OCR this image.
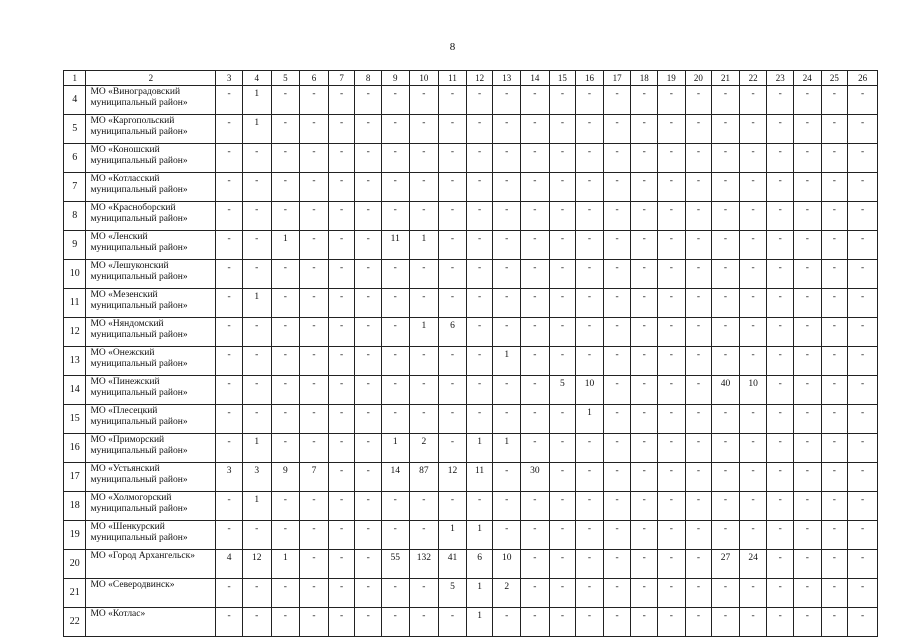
8
1	2	3	4	5	6	7	8	9	10	11	12	13	14	15	16	17	18	19	20	21	22	23	24	25	26
4	МО «Виноградовский муниципальный район»	-	1	-	-	-	-	-	-	-	-	-	-	-	-	-	-	-	-	-	-	-	-	-	-
5	МО «Каргопольский муниципальный район»	-	1	-	-	-	-	-	-	-	-	-	-	-	-	-	-	-	-	-	-	-	-	-	-
6	МО «Коношский муниципальный район»	-	-	-	-	-	-	-	-	-	-	-	-	-	-	-	-	-	-	-	-	-	-	-	-
7	МО «Котласский муниципальный район»	-	-	-	-	-	-	-	-	-	-	-	-	-	-	-	-	-	-	-	-	-	-	-	-
8	МО «Красноборский муниципальный район»	-	-	-	-	-	-	-	-	-	-	-	-	-	-	-	-	-	-	-	-	-	-	-	-
9	МО «Ленский муниципальный район»	-	-	1	-	-	-	11	1	-	-	-	-	-	-	-	-	-	-	-	-	-	-	-	-
10	МО «Лешуконский муниципальный район»	-	-	-	-	-	-	-	-	-	-	-	-	-	-	-	-	-	-	-	-	-	-	-	-
11	МО «Мезенский муниципальный район»	-	1	-	-	-	-	-	-	-	-	-	-	-	-	-	-	-	-	-	-	-	-	-	-
12	МО «Няндомский муниципальный район»	-	-	-	-	-	-	-	1	6	-	-	-	-	-	-	-	-	-	-	-	-	-	-	-
13	МО «Онежский муниципальный район»	-	-	-	-	-	-	-	-	-	-	1	-	-	-	-	-	-	-	-	-	-	-	-	-
14	МО «Пинежский муниципальный район»	-	-	-	-	-	-	-	-	-	-	-	-	5	10	-	-	-	-	40	10	-	-	-	-
15	МО «Плесецкий муниципальный район»	-	-	-	-	-	-	-	-	-	-	-	-	-	1	-	-	-	-	-	-	-	-	-	-
16	МО «Приморский муниципальный район»	-	1	-	-	-	-	1	2	-	1	1	-	-	-	-	-	-	-	-	-	-	-	-	-
17	МО «Устьянский муниципальный район»	3	3	9	7	-	-	14	87	12	11	-	30	-	-	-	-	-	-	-	-	-	-	-	-
18	МО «Холмогорский муниципальный район»	-	1	-	-	-	-	-	-	-	-	-	-	-	-	-	-	-	-	-	-	-	-	-	-
19	МО «Шенкурский муниципальный район»	-	-	-	-	-	-	-	-	1	1	-	-	-	-	-	-	-	-	-	-	-	-	-	-
20	МО «Город Архангельск»	4	12	1	-	-	-	55	132	41	6	10	-	-	-	-	-	-	-	27	24	-	-	-	-
21	МО «Северодвинск»	-	-	-	-	-	-	-	-	5	1	2	-	-	-	-	-	-	-	-	-	-	-	-	-
22	МО «Котлас»	-	-	-	-	-	-	-	-	-	1	-	-	-	-	-	-	-	-	-	-	-	-	-	-
